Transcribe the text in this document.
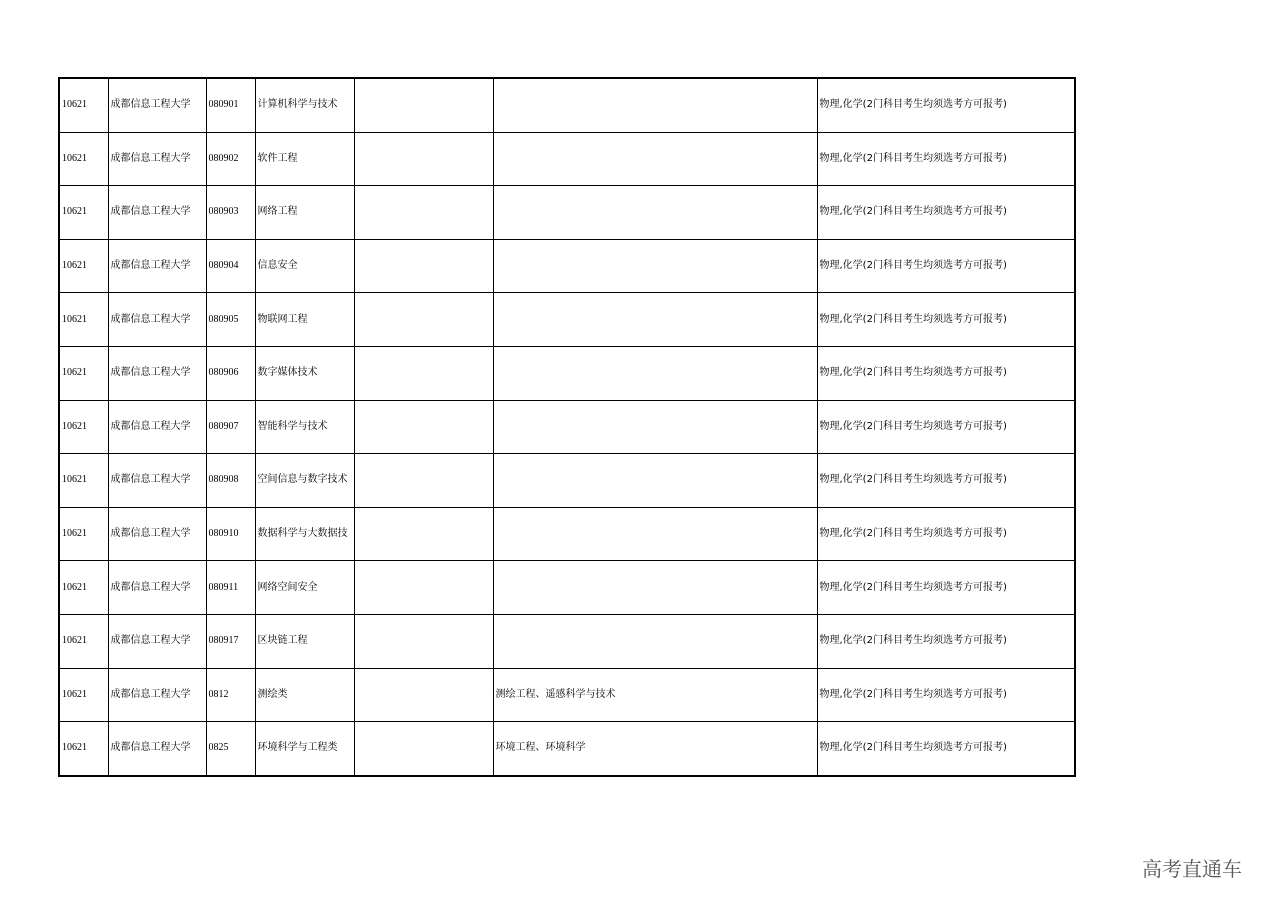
10621	成都信息工程大学	080901	计算机科学与技术			物理,化学(2门科目考生均须选考方可报考)
10621	成都信息工程大学	080902	软件工程			物理,化学(2门科目考生均须选考方可报考)
10621	成都信息工程大学	080903	网络工程			物理,化学(2门科目考生均须选考方可报考)
10621	成都信息工程大学	080904	信息安全			物理,化学(2门科目考生均须选考方可报考)
10621	成都信息工程大学	080905	物联网工程			物理,化学(2门科目考生均须选考方可报考)
10621	成都信息工程大学	080906	数字媒体技术			物理,化学(2门科目考生均须选考方可报考)
10621	成都信息工程大学	080907	智能科学与技术			物理,化学(2门科目考生均须选考方可报考)
10621	成都信息工程大学	080908	空间信息与数字技术			物理,化学(2门科目考生均须选考方可报考)
10621	成都信息工程大学	080910	数据科学与大数据技			物理,化学(2门科目考生均须选考方可报考)
10621	成都信息工程大学	080911	网络空间安全			物理,化学(2门科目考生均须选考方可报考)
10621	成都信息工程大学	080917	区块链工程			物理,化学(2门科目考生均须选考方可报考)
10621	成都信息工程大学	0812	测绘类		测绘工程、遥感科学与技术	物理,化学(2门科目考生均须选考方可报考)
10621	成都信息工程大学	0825	环境科学与工程类		环境工程、环境科学	物理,化学(2门科目考生均须选考方可报考)
高考直通车
